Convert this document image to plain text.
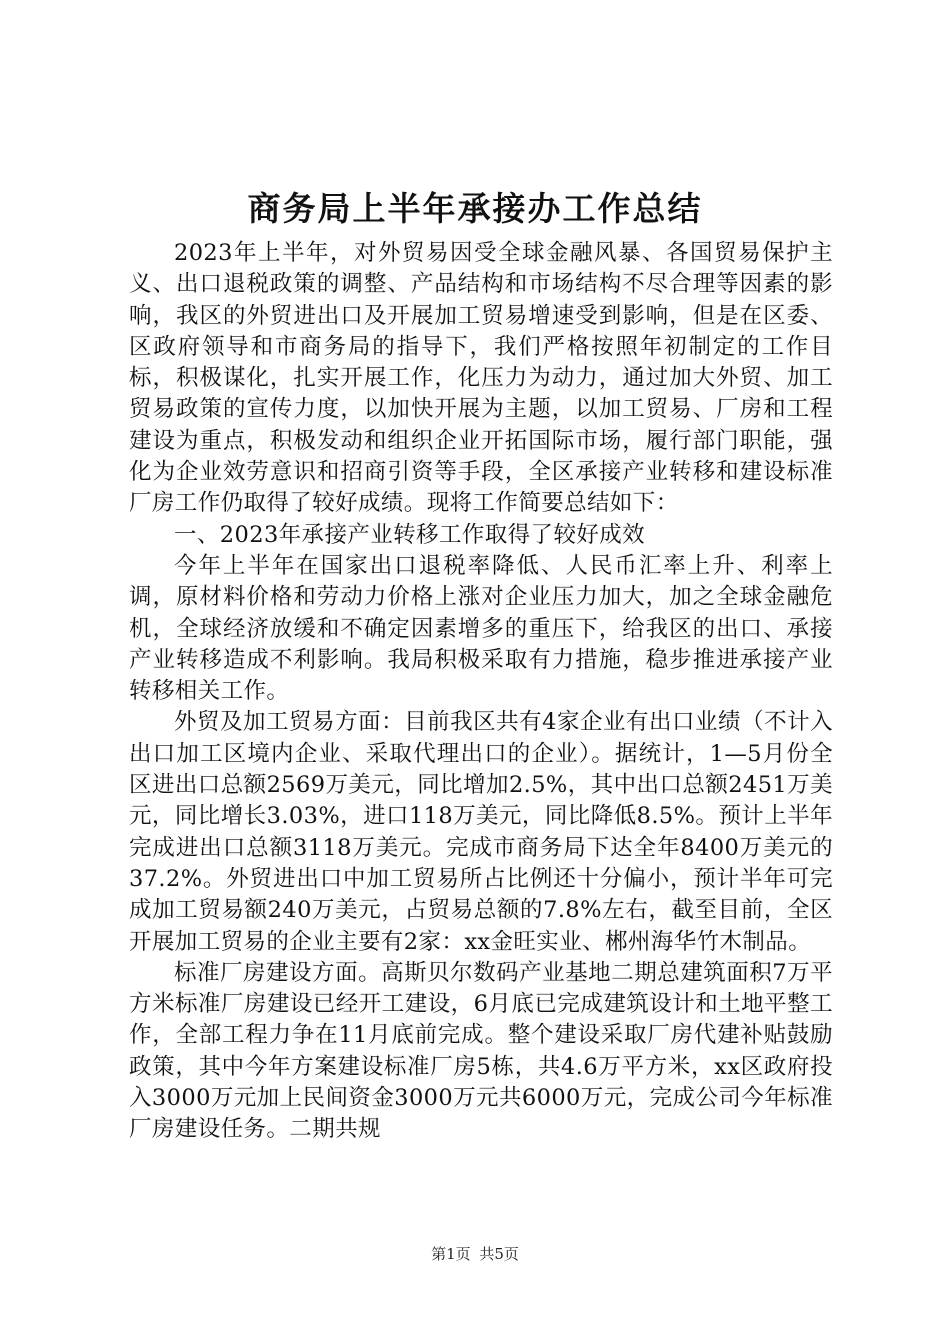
商务局上半年承接办工作总结

2023年上半年，对外贸易因受全球金融风暴、各国贸易保护主义、出口退税政策的调整、产品结构和市场结构不尽合理等因素的影响，我区的外贸进出口及开展加工贸易增速受到影响，但是在区委、区政府领导和市商务局的指导下，我们严格按照年初制定的工作目标，积极谋化，扎实开展工作，化压力为动力，通过加大外贸、加工贸易政策的宣传力度，以加快开展为主题，以加工贸易、厂房和工程建设为重点，积极发动和组织企业开拓国际市场，履行部门职能，强化为企业效劳意识和招商引资等手段，全区承接产业转移和建设标准厂房工作仍取得了较好成绩。现将工作简要总结如下：

一、2023年承接产业转移工作取得了较好成效

今年上半年在国家出口退税率降低、人民币汇率上升、利率上调，原材料价格和劳动力价格上涨对企业压力加大，加之全球金融危机，全球经济放缓和不确定因素增多的重压下，给我区的出口、承接产业转移造成不利影响。我局积极采取有力措施，稳步推进承接产业转移相关工作。

外贸及加工贸易方面：目前我区共有4家企业有出口业绩（不计入出口加工区境内企业、采取代理出口的企业）。据统计，1—5月份全区进出口总额2569万美元，同比增加2.5%，其中出口总额2451万美元，同比增长3.03%，进口118万美元，同比降低8.5%。预计上半年完成进出口总额3118万美元。完成市商务局下达全年8400万美元的37.2%。外贸进出口中加工贸易所占比例还十分偏小，预计半年可完成加工贸易额240万美元，占贸易总额的7.8%左右，截至目前，全区开展加工贸易的企业主要有2家：xx金旺实业、郴州海华竹木制品。

标准厂房建设方面。高斯贝尔数码产业基地二期总建筑面积7万平方米标准厂房建设已经开工建设，6月底已完成建筑设计和土地平整工作，全部工程力争在11月底前完成。整个建设采取厂房代建补贴鼓励政策，其中今年方案建设标准厂房5栋，共4.6万平方米，xx区政府投入3000万元加上民间资金3000万元共6000万元，完成公司今年标准厂房建设任务。二期共规

第1页 共5页
